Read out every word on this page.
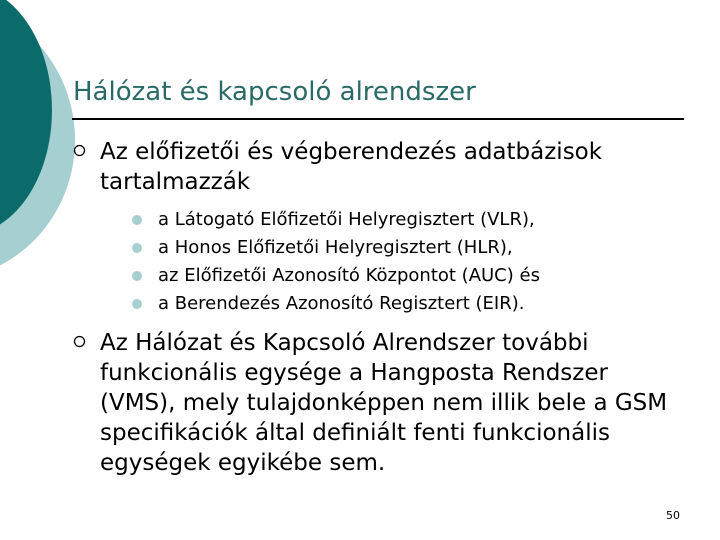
Hálózat és kapcsoló alrendszer
Az előfizetői és végberendezés adatbázisok tartalmazzák
a Látogató Előfizetői Helyregisztert (VLR),
a Honos Előfizetői Helyregisztert (HLR),
az Előfizetői Azonosító Központot (AUC) és
a Berendezés Azonosító Regisztert (EIR).
Az Hálózat és Kapcsoló Alrendszer további funkcionális egysége a Hangposta Rendszer (VMS), mely tulajdonképpen nem illik bele a GSM specifikációk által definiált fenti funkcionális egységek egyikébe sem.
50
